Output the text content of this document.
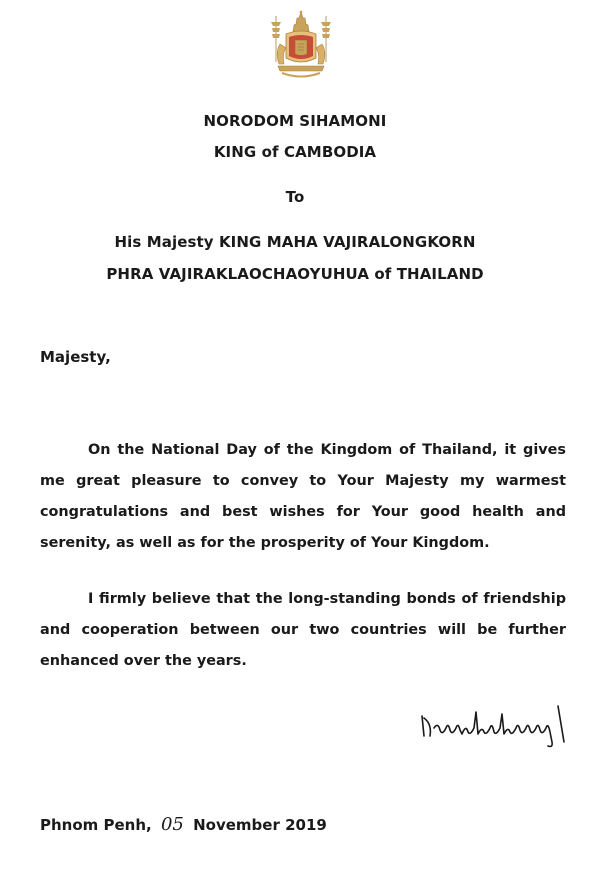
NORODOM SIHAMONI
KING of CAMBODIA
To
His Majesty KING MAHA VAJIRALONGKORN
PHRA VAJIRAKLAOCHAOYUHUA of THAILAND
Majesty,

On the National Day of the Kingdom of Thailand, it gives me great pleasure to convey to Your Majesty my warmest congratulations and best wishes for Your good health and serenity, as well as for the prosperity of Your Kingdom.

I firmly believe that the long-standing bonds of friendship and cooperation between our two countries will be further enhanced over the years.

Phnom Penh, 05 November 2019
